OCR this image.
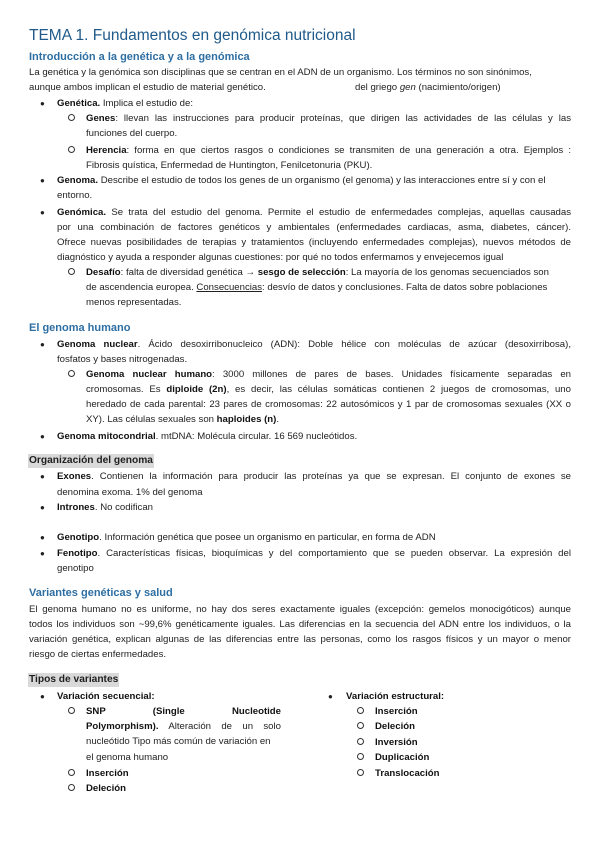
TEMA 1. Fundamentos en genómica nutricional
Introducción a la genética y a la genómica
La genética y la genómica son disciplinas que se centran en el ADN de un organismo. Los términos no son sinónimos,
aunque ambos implican el estudio de material genético.	del griego gen (nacimiento/origen)
● Genética. Implica el estudio de:
Genes: llevan las instrucciones para producir proteínas, que dirigen las actividades de las células y las
funciones del cuerpo.
Herencia: forma en que ciertos rasgos o condiciones se transmiten de una generación a otra. Ejemplos :
Fibrosis quística, Enfermedad de Huntington, Fenilcetonuria (PKU).
● Genoma. Describe el estudio de todos los genes de un organismo (el genoma) y las interacciones entre sí y con el
entorno.
● Genómica. Se trata del estudio del genoma. Permite el estudio de enfermedades complejas, aquellas causadas
por una combinación de factores genéticos y ambientales (enfermedades cardiacas, asma, diabetes, cáncer).
Ofrece nuevas posibilidades de terapias y tratamientos (incluyendo enfermedades complejas), nuevos métodos de
diagnóstico y ayuda a responder algunas cuestiones: por qué no todos enfermamos y envejecemos igual
Desafío: falta de diversidad genética → sesgo de selección: La mayoría de los genomas secuenciados son
de ascendencia europea. Consecuencias: desvío de datos y conclusiones. Falta de datos sobre poblaciones
menos representadas.
El genoma humano
● Genoma nuclear. Ácido desoxirribonucleico (ADN): Doble hélice con moléculas de azúcar (desoxirribosa),
fosfatos y bases nitrogenadas.
Genoma nuclear humano: 3000 millones de pares de bases. Unidades físicamente separadas en
cromosomas. Es diploide (2n), es decir, las células somáticas contienen 2 juegos de cromosomas, uno
heredado de cada parental: 23 pares de cromosomas: 22 autosómicos y 1 par de cromosomas sexuales (XX o
XY). Las células sexuales son haploides (n).
● Genoma mitocondrial. mtDNA: Molécula circular. 16 569 nucleótidos.
Organización del genoma
● Exones. Contienen la información para producir las proteínas ya que se expresan. El conjunto de exones se
denomina exoma. 1% del genoma
● Intrones. No codifican
● Genotipo. Información genética que posee un organismo en particular, en forma de ADN
● Fenotipo. Características físicas, bioquímicas y del comportamiento que se pueden observar. La expresión del
genotipo
Variantes genéticas y salud
El genoma humano no es uniforme, no hay dos seres exactamente iguales (excepción: gemelos monocigóticos) aunque
todos los individuos son ~99,6% genéticamente iguales. Las diferencias en la secuencia del ADN entre los individuos, o la
variación genética, explican algunas de las diferencias entre las personas, como los rasgos físicos y un mayor o menor
riesgo de ciertas enfermedades.
Tipos de variantes
● Variación secuencial:
SNP (Single Nucleotide
Polymorphism). Alteración de un solo
nucleótido Tipo más común de variación en
el genoma humano
Inserción
Deleción
● Variación estructural:
Inserción
Deleción
Inversión
Duplicación
Translocación
